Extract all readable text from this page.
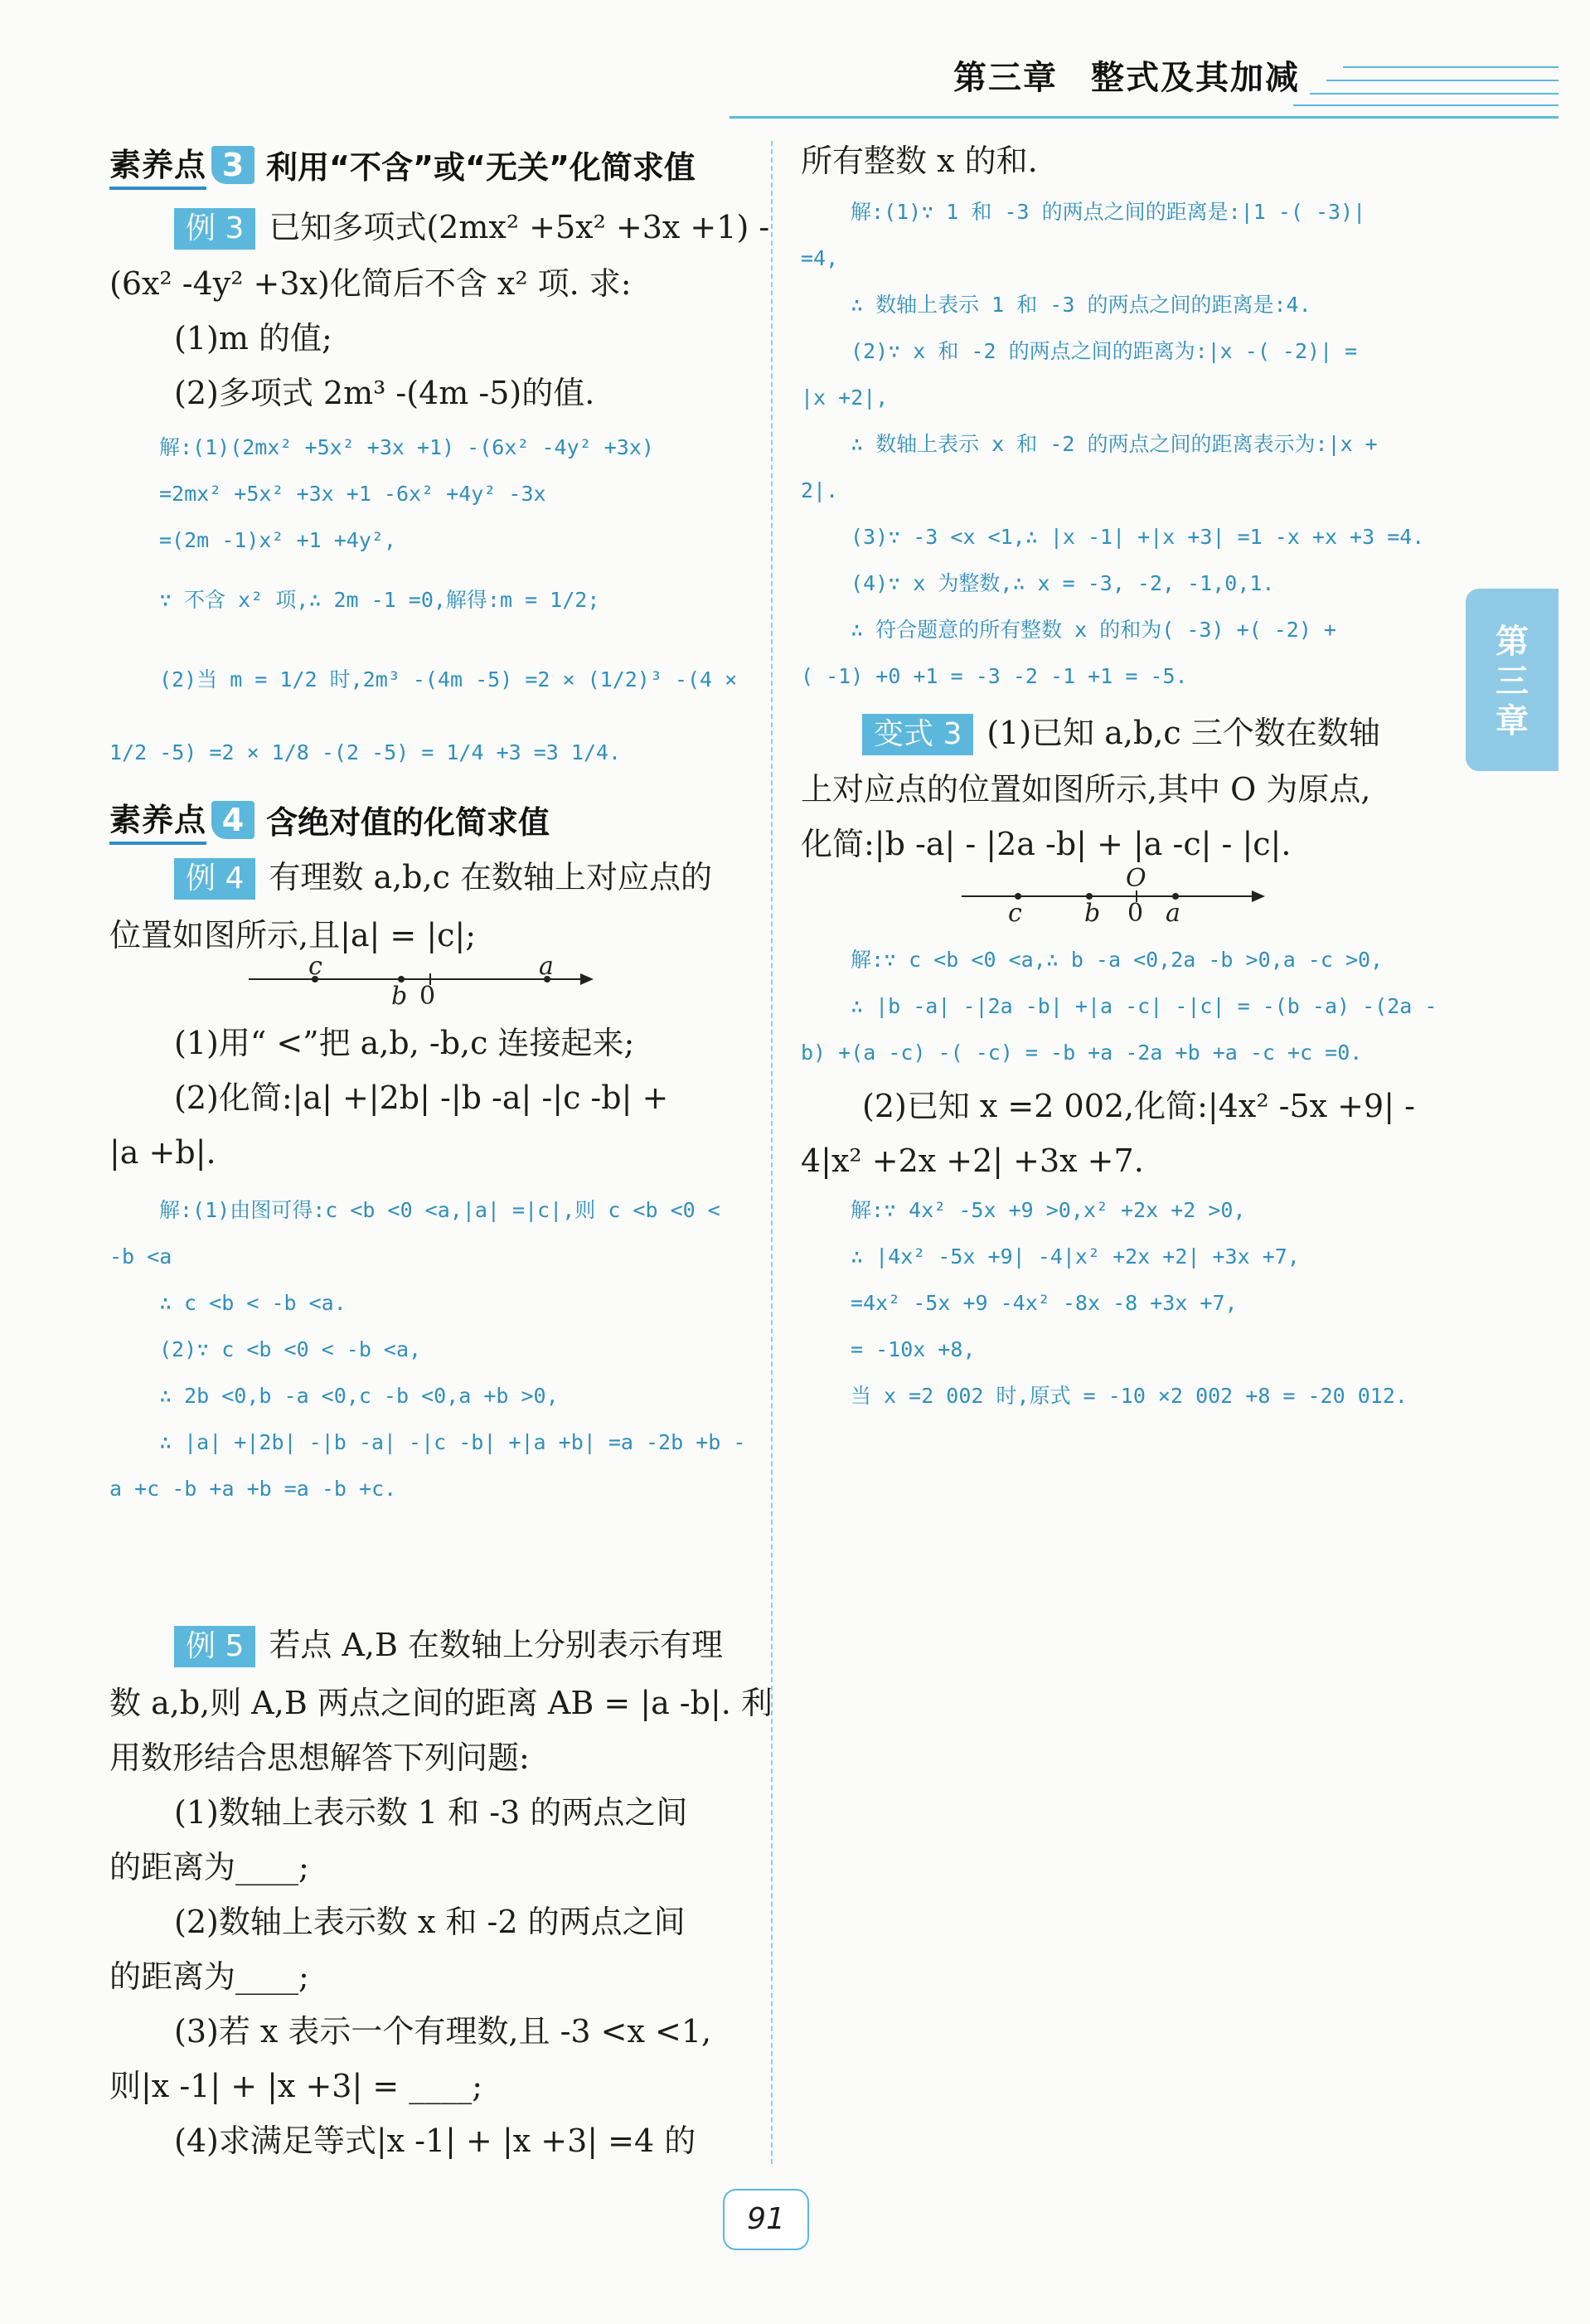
第三章 整式及其加减
第三章
素养点 3 利用“不含”或“无关”化简求值
例 3 已知多项式(2mx² +5x² +3x +1) -
(6x² -4y² +3x)化简后不含 x² 项. 求:
(1)m 的值;
(2)多项式 2m³ -(4m -5)的值.
解:(1)(2mx² +5x² +3x +1) -(6x² -4y² +3x)
=2mx² +5x² +3x +1 -6x² +4y² -3x
=(2m -1)x² +1 +4y²,
∵ 不含 x² 项,∴ 2m -1 =0,解得:m = 1/2;
(2)当 m = 1/2 时,2m³ -(4m -5) =2 × (1/2)³ -(4 ×
1/2 -5) =2 × 1/8 -(2 -5) = 1/4 +3 =3 1/4.
素养点 4 含绝对值的化简求值
例 4 有理数 a,b,c 在数轴上对应点的
位置如图所示,且|a| = |c|;
c
b 0
a
(1)用“ <”把 a,b, -b,c 连接起来;
(2)化简:|a| +|2b| -|b -a| -|c -b| +
|a +b|.
解:(1)由图可得:c <b <0 <a,|a| =|c|,则 c <b <0 <
-b <a
∴ c <b < -b <a.
(2)∵ c <b <0 < -b <a,
∴ 2b <0,b -a <0,c -b <0,a +b >0,
∴ |a| +|2b| -|b -a| -|c -b| +|a +b| =a -2b +b -
a +c -b +a +b =a -b +c.
例 5 若点 A,B 在数轴上分别表示有理
数 a,b,则 A,B 两点之间的距离 AB = |a -b|. 利
用数形结合思想解答下列问题:
(1)数轴上表示数 1 和 -3 的两点之间
的距离为____;
(2)数轴上表示数 x 和 -2 的两点之间
的距离为____;
(3)若 x 表示一个有理数,且 -3 <x <1,
则|x -1| + |x +3| = ____;
(4)求满足等式|x -1| + |x +3| =4 的
所有整数 x 的和.
解:(1)∵ 1 和 -3 的两点之间的距离是:|1 -( -3)|
=4,
∴ 数轴上表示 1 和 -3 的两点之间的距离是:4.
(2)∵ x 和 -2 的两点之间的距离为:|x -( -2)| =
|x +2|,
∴ 数轴上表示 x 和 -2 的两点之间的距离表示为:|x +
2|.
(3)∵ -3 <x <1,∴ |x -1| +|x +3| =1 -x +x +3 =4.
(4)∵ x 为整数,∴ x = -3, -2, -1,0,1.
∴ 符合题意的所有整数 x 的和为( -3) +( -2) +
( -1) +0 +1 = -3 -2 -1 +1 = -5.
变式 3 (1)已知 a,b,c 三个数在数轴
上对应点的位置如图所示,其中 O 为原点,
化简:|b -a| - |2a -b| + |a -c| - |c|.
O
c	b 0 a
解:∵ c <b <0 <a,∴ b -a <0,2a -b >0,a -c >0,
∴ |b -a| -|2a -b| +|a -c| -|c| = -(b -a) -(2a -
b) +(a -c) -( -c) = -b +a -2a +b +a -c +c =0.
(2)已知 x =2 002,化简:|4x² -5x +9| -
4|x² +2x +2| +3x +7.
解:∵ 4x² -5x +9 >0,x² +2x +2 >0,
∴ |4x² -5x +9| -4|x² +2x +2| +3x +7,
=4x² -5x +9 -4x² -8x -8 +3x +7,
= -10x +8,
当 x =2 002 时,原式 = -10 ×2 002 +8 = -20 012.
91
